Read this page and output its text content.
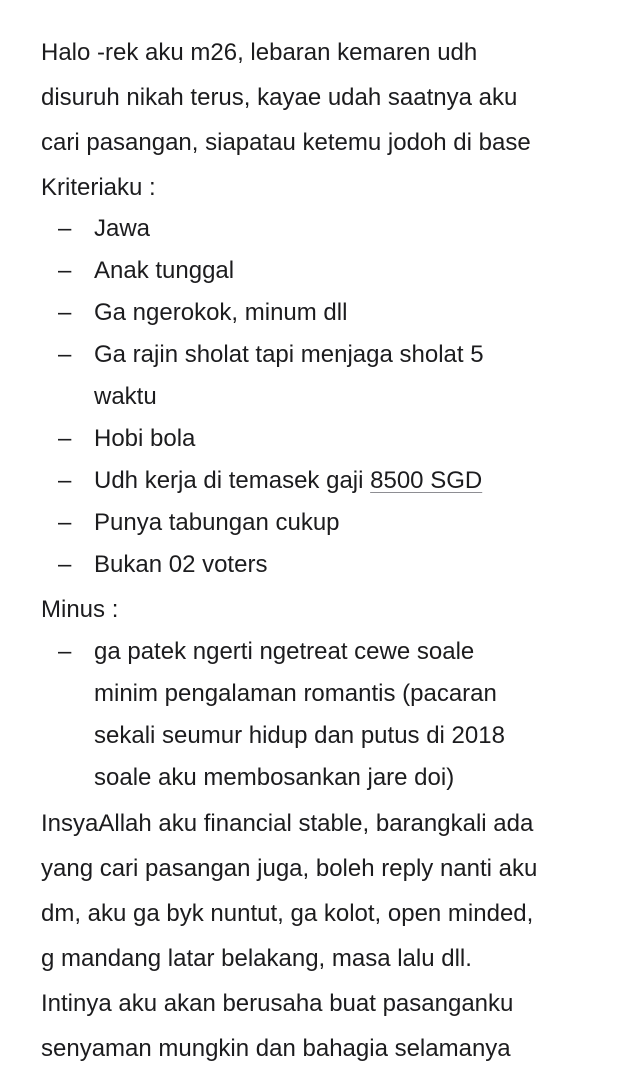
Halo -rek aku m26, lebaran kemaren udh
disuruh nikah terus, kayae udah saatnya aku
cari pasangan, siapatau ketemu jodoh di base
Kriteriaku :
– Jawa
– Anak tunggal
– Ga ngerokok, minum dll
– Ga rajin sholat tapi menjaga sholat 5
waktu
– Hobi bola
– Udh kerja di temasek gaji 8500 SGD
– Punya tabungan cukup
– Bukan 02 voters
Minus :
– ga patek ngerti ngetreat cewe soale
minim pengalaman romantis (pacaran
sekali seumur hidup dan putus di 2018
soale aku membosankan jare doi)
InsyaAllah aku financial stable, barangkali ada
yang cari pasangan juga, boleh reply nanti aku
dm, aku ga byk nuntut, ga kolot, open minded,
g mandang latar belakang, masa lalu dll.
Intinya aku akan berusaha buat pasanganku
senyaman mungkin dan bahagia selamanya
